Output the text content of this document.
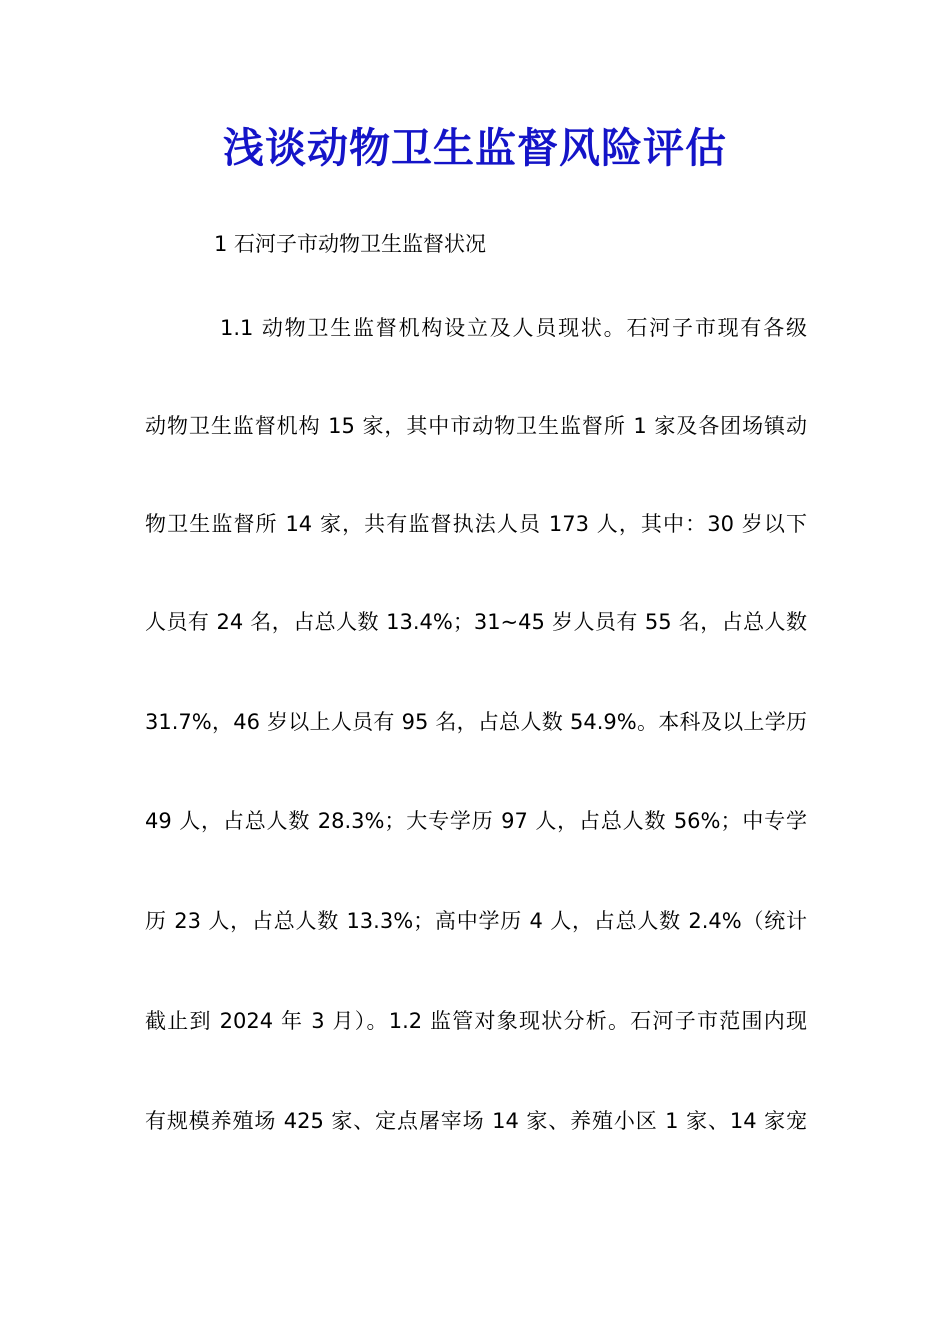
浅谈动物卫生监督风险评估

1 石河子市动物卫生监督状况

1.1 动物卫生监督机构设立及人员现状。石河子市现有各级

动物卫生监督机构 15 家，其中市动物卫生监督所 1 家及各团场镇动

物卫生监督所 14 家，共有监督执法人员 173 人，其中：30 岁以下

人员有 24 名，占总人数 13.4%；31~45 岁人员有 55 名，占总人数

31.7%，46 岁以上人员有 95 名，占总人数 54.9%。本科及以上学历

49 人，占总人数 28.3%；大专学历 97 人，占总人数 56%；中专学

历 23 人，占总人数 13.3%；高中学历 4 人，占总人数 2.4%（统计

截止到 2024 年 3 月）。1.2 监管对象现状分析。石河子市范围内现

有规模养殖场 425 家、定点屠宰场 14 家、养殖小区 1 家、14 家宠
